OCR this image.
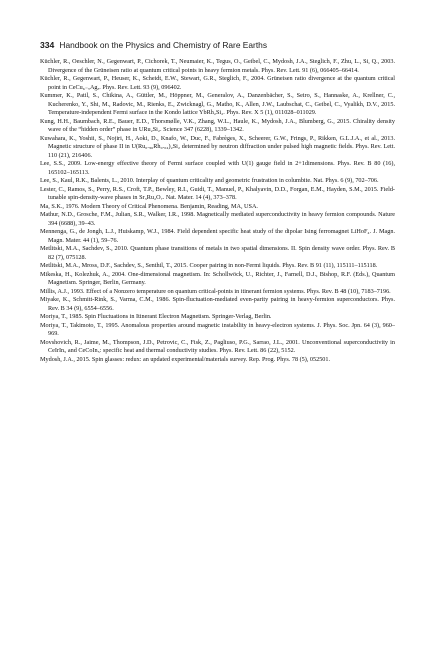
334 Handbook on the Physics and Chemistry of Rare Earths

Küchler, R., Oeschler, N., Gegenwart, P., Cichorek, T., Neumaier, K., Tegus, O., Geibel, C., Mydosh, J.A., Steglich, F., Zhu, L., Si, Q., 2003. Divergence of the Grüneisen ratio at quantum critical points in heavy fermion metals. Phys. Rev. Lett. 91 (6), 066405–66414.

Küchler, R., Gegenwart, P., Heuser, K., Scheidt, E.W., Stewart, G.R., Steglich, F., 2004. Grüneisen ratio divergence at the quantum critical point in CeCu₆₋ₓAgₓ. Phys. Rev. Lett. 93 (9), 096402.

Kummer, K., Patil, S., Chikina, A., Güttler, M., Höppner, M., Generalov, A., Danzenbächer, S., Seiro, S., Hannaske, A., Krellner, C., Kucherenko, Y., Shi, M., Radovic, M., Rienks, E., Zwicknagl, G., Matho, K., Allen, J.W., Laubschat, C., Geibel, C., Vyalikh, D.V., 2015. Temperature-independent Fermi surface in the Kondo lattice YbRh₂Si₂. Phys. Rev. X 5 (1), 011028–011029.

Kung, H.H., Baumbach, R.E., Bauer, E.D., Thorsmølle, V.K., Zhang, W.L., Haule, K., Mydosh, J.A., Blumberg, G., 2015. Chirality density wave of the “hidden order” phase in URu₂Si₂. Science 347 (6228), 1339–1342.

Kuwahara, K., Yoshii, S., Nojiri, H., Aoki, D., Knafo, W., Duc, F., Fabrèges, X., Scheerer, G.W., Frings, P., Rikken, G.L.J.A., et al., 2013. Magnetic structure of phase II in U(Ru₀.₉₆Rh₀.₀₄)₂Si₂ determined by neutron diffraction under pulsed high magnetic fields. Phys. Rev. Lett. 110 (21), 216406.

Lee, S.S., 2009. Low-energy effective theory of Fermi surface coupled with U(1) gauge field in 2+1dimensions. Phys. Rev. B 80 (16), 165102–165113.

Lee, S., Kaul, R.K., Balents, L., 2010. Interplay of quantum criticality and geometric frustration in columbite. Nat. Phys. 6 (9), 702–706.

Lester, C., Ramos, S., Perry, R.S., Croft, T.P., Bewley, R.I., Guidi, T., Manuel, P., Khalyavin, D.D., Forgan, E.M., Hayden, S.M., 2015. Field-tunable spin-density-wave phases in Sr₃Ru₂O₇. Nat. Mater. 14 (4), 373–378.

Ma, S.K., 1976. Modern Theory of Critical Phenomena. Benjamin, Reading, MA, USA.

Mathur, N.D., Grosche, F.M., Julian, S.R., Walker, I.R., 1998. Magnetically mediated superconductivity in heavy fermion compounds. Nature 394 (6688), 39–43.

Mennenga, G., de Jongh, L.J., Huiskamp, W.J., 1984. Field dependent specific heat study of the dipolar Ising ferromagnet LiHoF₄. J. Magn. Magn. Mater. 44 (1), 59–76.

Metlitski, M.A., Sachdev, S., 2010. Quantum phase transitions of metals in two spatial dimensions. II. Spin density wave order. Phys. Rev. B 82 (7), 075128.

Metlitski, M.A., Mross, D.F., Sachdev, S., Senthil, T., 2015. Cooper pairing in non-Fermi liquids. Phys. Rev. B 91 (11), 115111–115118.

Mikeska, H., Kolezhuk, A., 2004. One-dimensional magnetism. In: Schollwöck, U., Richter, J., Farnell, D.J., Bishop, R.F. (Eds.), Quantum Magnetism. Springer, Berlin, Germany.

Millis, A.J., 1993. Effect of a Nonzero temperature on quantum critical-points in itinerant fermion systems. Phys. Rev. B 48 (10), 7183–7196.

Miyake, K., Schmitt-Rink, S., Varma, C.M., 1986. Spin-fluctuation-mediated even-parity pairing in heavy-fermion superconductors. Phys. Rev. B 34 (9), 6554–6556.

Moriya, T., 1985. Spin Fluctuations in Itinerant Electron Magnetism. Springer-Verlag, Berlin.

Moriya, T., Takimoto, T., 1995. Anomalous properties around magnetic instability in heavy-electron systems. J. Phys. Soc. Jpn. 64 (3), 960–969.

Movshovich, R., Jaime, M., Thompson, J.D., Petrovic, C., Fisk, Z., Pagliuso, P.G., Sarrao, J.L., 2001. Unconventional superconductivity in CeIrIn₅ and CeCoIn₅: specific heat and thermal conductivity studies. Phys. Rev. Lett. 86 (22), 5152.

Mydosh, J.A., 2015. Spin glasses: redux: an updated experimental/materials survey. Rep. Prog. Phys. 78 (5), 052501.
